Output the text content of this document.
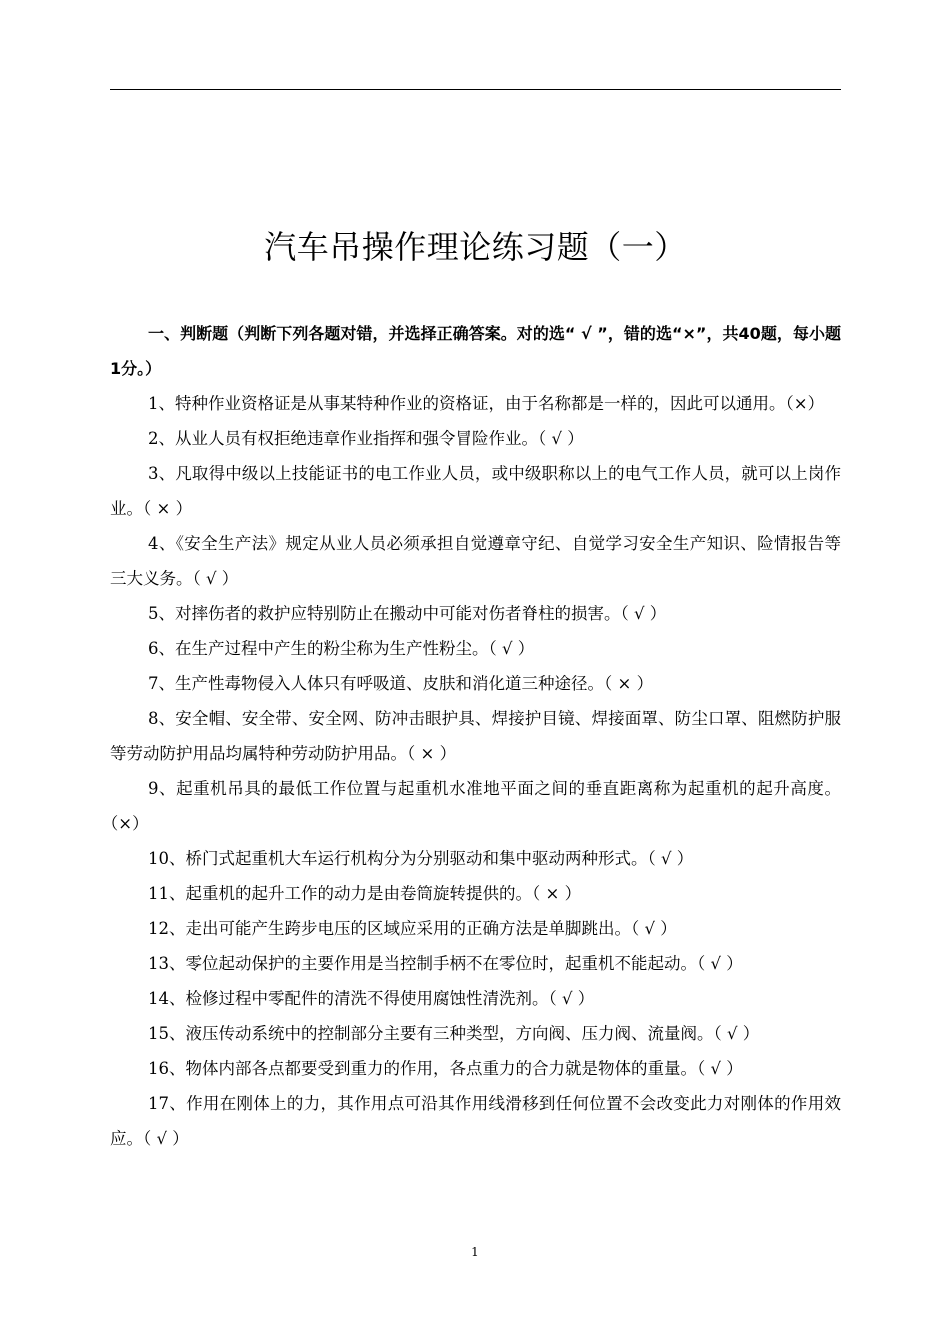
汽车吊操作理论练习题（一）

一、判断题（判断下列各题对错，并选择正确答案。对的选“ √ ”，错的选“×”，共40题，每小题1分。）

1、特种作业资格证是从事某特种作业的资格证，由于名称都是一样的，因此可以通用。（×）

2、从业人员有权拒绝违章作业指挥和强令冒险作业。（ √ ）

3、凡取得中级以上技能证书的电工作业人员，或中级职称以上的电气工作人员，就可以上岗作业。（ × ）

4、《安全生产法》规定从业人员必须承担自觉遵章守纪、自觉学习安全生产知识、险情报告等三大义务。（ √ ）

5、对摔伤者的救护应特别防止在搬动中可能对伤者脊柱的损害。（ √ ）

6、在生产过程中产生的粉尘称为生产性粉尘。（ √ ）

7、生产性毒物侵入人体只有呼吸道、皮肤和消化道三种途径。（ × ）

8、安全帽、安全带、安全网、防冲击眼护具、焊接护目镜、焊接面罩、防尘口罩、阻燃防护服等劳动防护用品均属特种劳动防护用品。（ × ）

9、起重机吊具的最低工作位置与起重机水准地平面之间的垂直距离称为起重机的起升高度。（×）

10、桥门式起重机大车运行机构分为分别驱动和集中驱动两种形式。（ √ ）

11、起重机的起升工作的动力是由卷筒旋转提供的。（ × ）

12、走出可能产生跨步电压的区域应采用的正确方法是单脚跳出。（ √ ）

13、零位起动保护的主要作用是当控制手柄不在零位时，起重机不能起动。（ √ ）

14、检修过程中零配件的清洗不得使用腐蚀性清洗剂。（ √ ）

15、液压传动系统中的控制部分主要有三种类型，方向阀、压力阀、流量阀。（ √ ）

16、物体内部各点都要受到重力的作用，各点重力的合力就是物体的重量。（ √ ）

17、作用在刚体上的力，其作用点可沿其作用线滑移到任何位置不会改变此力对刚体的作用效应。（ √ ）

1
